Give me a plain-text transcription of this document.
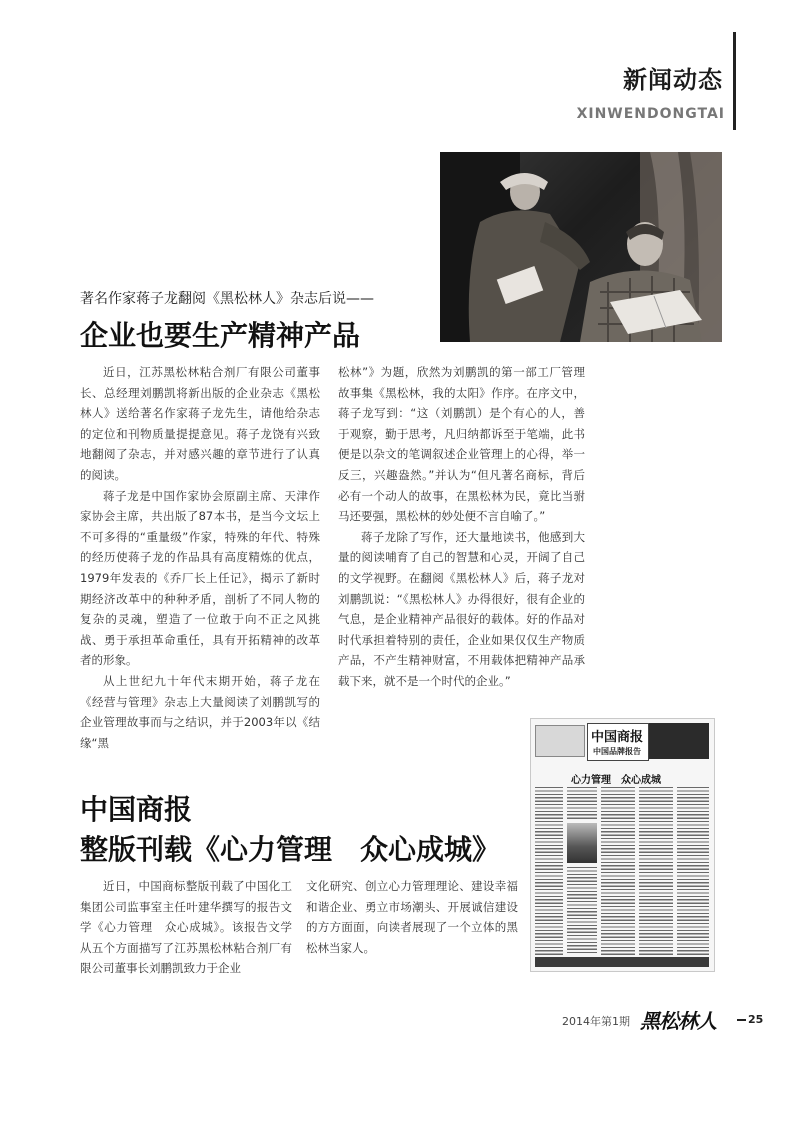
新闻动态
XINWENDONGTAI
著名作家蒋子龙翻阅《黑松林人》杂志后说——
企业也要生产精神产品

近日，江苏黑松林粘合剂厂有限公司董事长、总经理刘鹏凯将新出版的企业杂志《黑松林人》送给著名作家蒋子龙先生，请他给杂志的定位和刊物质量提提意见。蒋子龙饶有兴致地翻阅了杂志，并对感兴趣的章节进行了认真的阅读。

蒋子龙是中国作家协会原副主席、天津作家协会主席，共出版了87本书，是当今文坛上不可多得的“重量级”作家，特殊的年代、特殊的经历使蒋子龙的作品具有高度精炼的优点，1979年发表的《乔厂长上任记》，揭示了新时期经济改革中的种种矛盾，剖析了不同人物的复杂的灵魂，塑造了一位敢于向不正之风挑战、勇于承担革命重任，具有开拓精神的改革者的形象。

从上世纪九十年代末期开始，蒋子龙在《经营与管理》杂志上大量阅读了刘鹏凯写的企业管理故事而与之结识，并于2003年以《结缘“黑

松林”》为题，欣然为刘鹏凯的第一部工厂管理故事集《黑松林，我的太阳》作序。在序文中，蒋子龙写到：“这（刘鹏凯）是个有心的人，善于观察，勤于思考，凡归纳都诉至于笔端，此书便是以杂文的笔调叙述企业管理上的心得，举一反三，兴趣盎然。”并认为“但凡著名商标，背后必有一个动人的故事，在黑松林为民，竟比当驸马还要强，黑松林的妙处便不言自喻了。”

蒋子龙除了写作，还大量地读书，他感到大量的阅读哺育了自己的智慧和心灵，开阔了自己的文学视野。在翻阅《黑松林人》后，蒋子龙对刘鹏凯说：“《黑松林人》办得很好，很有企业的气息，是企业精神产品很好的载体。好的作品对时代承担着特别的责任，企业如果仅仅生产物质产品，不产生精神财富，不用载体把精神产品承载下来，就不是一个时代的企业。”

中国商报
整版刊载《心力管理　众心成城》

近日，中国商标整版刊载了中国化工集团公司监事室主任叶建华撰写的报告文学《心力管理　众心成城》。该报告文学从五个方面描写了江苏黑松林粘合剂厂有限公司董事长刘鹏凯致力于企业

文化研究、创立心力管理理论、建设幸福和谐企业、勇立市场潮头、开展诚信建设的方方面面，向读者展现了一个立体的黑松林当家人。

中国商报
中国品牌报告
心力管理　众心成城
2014年第1期 黑松林人	25
